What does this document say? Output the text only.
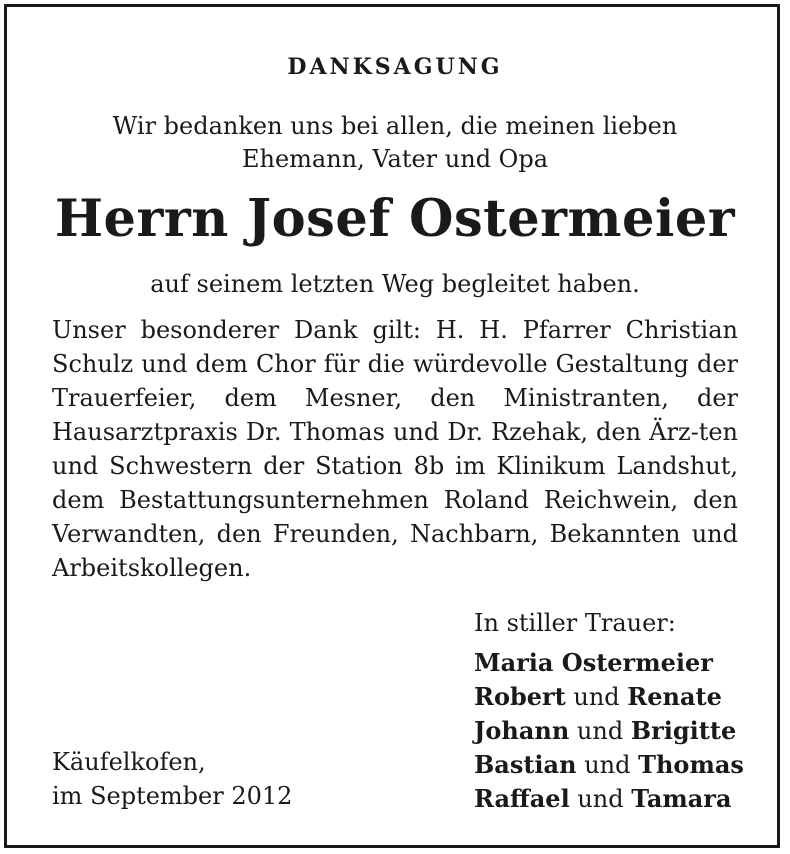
DANKSAGUNG
Wir bedanken uns bei allen, die meinen lieben
Ehemann, Vater und Opa
Herrn Josef Ostermeier
auf seinem letzten Weg begleitet haben.
Unser besonderer Dank gilt: H. H. Pfarrer Christian Schulz und dem Chor für die würdevolle Gestaltung der Trauerfeier, dem Mesner, den Ministranten, der Hausarztpraxis Dr. Thomas und Dr. Rzehak, den Ärz-ten und Schwestern der Station 8b im Klinikum Landshut, dem Bestattungsunternehmen Roland Reichwein, den Verwandten, den Freunden, Nachbarn, Bekannten und Arbeitskollegen.
Käufelkofen,
im September 2012
In stiller Trauer:
Maria Ostermeier
Robert und Renate
Johann und Brigitte
Bastian und Thomas
Raffael und Tamara
